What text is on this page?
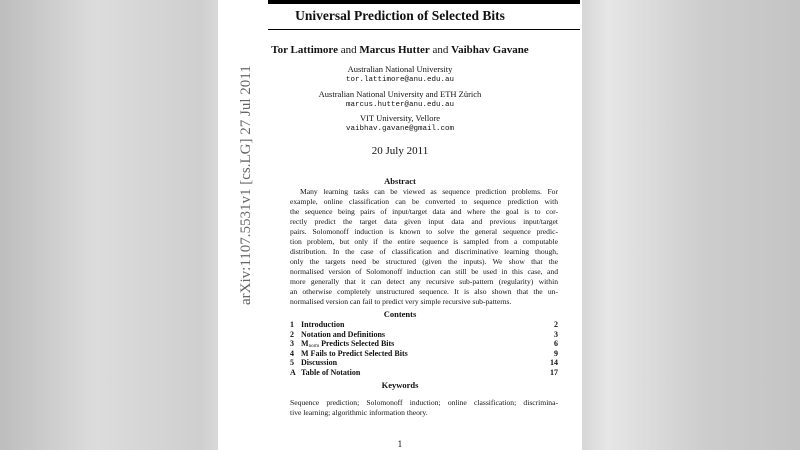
Universal Prediction of Selected Bits
Tor Lattimore and Marcus Hutter and Vaibhav Gavane
Australian National University
tor.lattimore@anu.edu.au
Australian National University and ETH Zürich
marcus.hutter@anu.edu.au
VIT University, Vellore
vaibhav.gavane@gmail.com
20 July 2011
Abstract
Many learning tasks can be viewed as sequence prediction problems. For
example, online classification can be converted to sequence prediction with
the sequence being pairs of input/target data and where the goal is to cor-
rectly predict the target data given input data and previous input/target
pairs. Solomonoff induction is known to solve the general sequence predic-
tion problem, but only if the entire sequence is sampled from a computable
distribution. In the case of classification and discriminative learning though,
only the targets need be structured (given the inputs). We show that the
normalised version of Solomonoff induction can still be used in this case, and
more generally that it can detect any recursive sub-pattern (regularity) within
an otherwise completely unstructured sequence. It is also shown that the un-
normalised version can fail to predict very simple recursive sub-patterns.
Contents
1 Introduction	2
2 Notation and Definitions	3
3 $M_{norm}$ Predicts Selected Bits	6
4 M Fails to Predict Selected Bits	9
5 Discussion	14
A Table of Notation	17
Keywords
Sequence prediction; Solomonoff induction; online classification; discrimina-
tive learning; algorithmic information theory.
1
arXiv:1107.5531v1 [cs.LG] 27 Jul 2011
